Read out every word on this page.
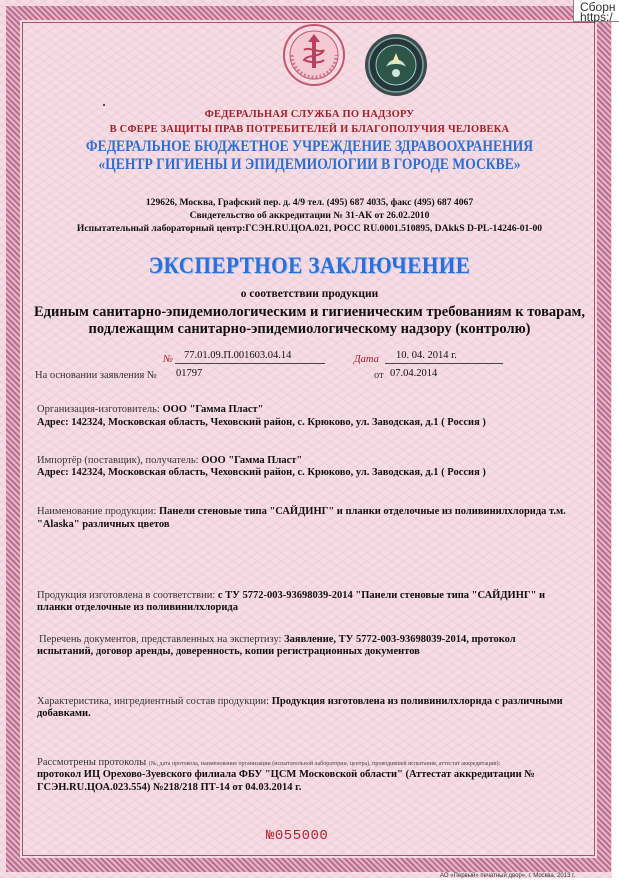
Сборн
https:/
ФЕДЕРАЛЬНАЯ СЛУЖБА ПО НАДЗОРУ
В СФЕРЕ ЗАЩИТЫ ПРАВ ПОТРЕБИТЕЛЕЙ И БЛАГОПОЛУЧИЯ ЧЕЛОВЕКА
ФЕДЕРАЛЬНОЕ БЮДЖЕТНОЕ УЧРЕЖДЕНИЕ ЗДРАВООХРАНЕНИЯ
«ЦЕНТР ГИГИЕНЫ И ЭПИДЕМИОЛОГИИ В ГОРОДЕ МОСКВЕ»
129626, Москва, Графский пер. д. 4/9 тел. (495) 687 4035, факс (495) 687 4067
Свидетельство об аккредитации № 31-АК от 26.02.2010
Испытательный лабораторный центр:ГСЭН.RU.ЦОА.021, РОСС RU.0001.510895, DAkkS D-PL-14246-01-00
ЭКСПЕРТНОЕ ЗАКЛЮЧЕНИЕ
о соответствии продукции
Единым санитарно-эпидемиологическим и гигиеническим требованиям к товарам,
подлежащим санитарно-эпидемиологическому надзору (контролю)
№ 77.01.09.П.001603.04.14	Дата 10. 04. 2014 г.
На основании заявления № 01797	от 07.04.2014
Организация-изготовитель: ООО "Гамма Пласт"
Адрес: 142324, Московская область, Чеховский район, с. Крюково, ул. Заводская, д.1 ( Россия )
Импортёр (поставщик), получатель: ООО "Гамма Пласт"
Адрес: 142324, Московская область, Чеховский район, с. Крюково, ул. Заводская, д.1 ( Россия )
Наименование продукции: Панели стеновые типа "САЙДИНГ" и планки отделочные из поливинилхлорида т.м.
"Alaska" различных цветов
Продукция изготовлена в соответствии: с ТУ 5772-003-93698039-2014 "Панели стеновые типа "САЙДИНГ" и
планки отделочные из поливинилхлорида
Перечень документов, представленных на экспертизу: Заявление, ТУ 5772-003-93698039-2014, протокол
испытаний, договор аренды, доверенность, копии регистрационных документов
Характеристика, ингредиентный состав продукции: Продукция изготовлена из поливинилхлорида с различными
добавками.
Рассмотрены протоколы (№, дата протокола, наименование организации (испытательной лаборатории, центра), проводившей испытания, аттестат аккредитации):
протокол ИЦ Орехово-Зуевского филиала ФБУ "ЦСМ Московской области" (Аттестат аккредитации №
ГСЭН.RU.ЦОА.023.554) №218/218 ПТ-14 от 04.03.2014 г.
№055000
АО «Первый» печатный двор», г. Москва, 2013 г.
